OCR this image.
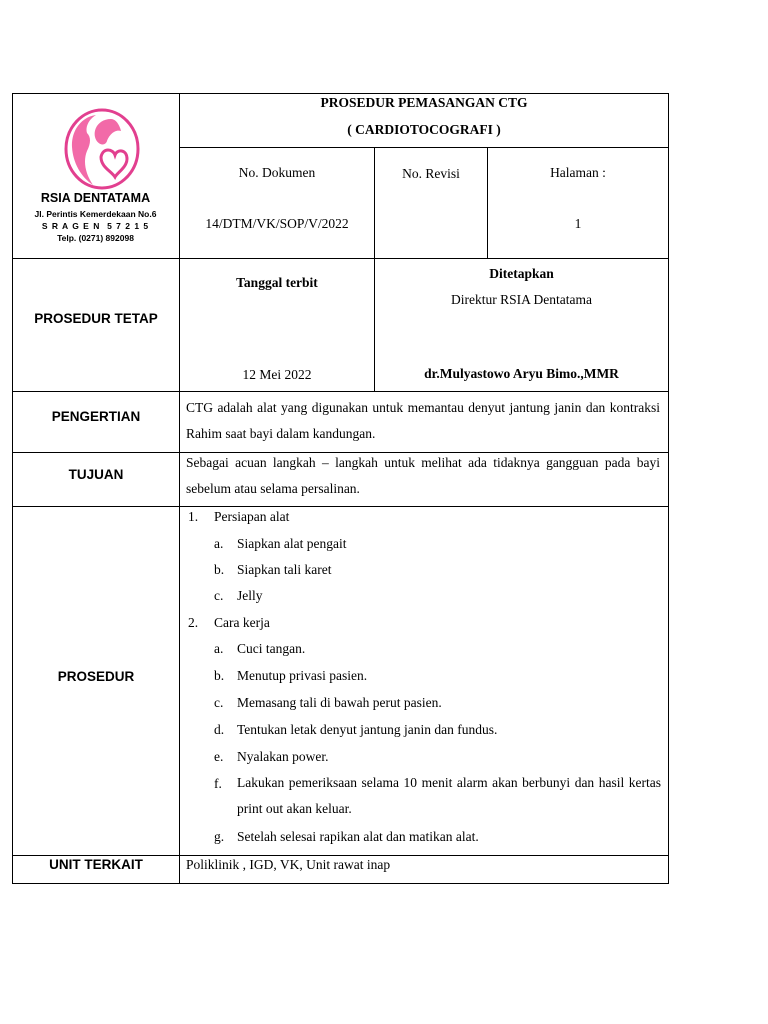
RSIA DENTATAMA
Jl. Perintis Kemerdekaan No.6
S R A G E N  5 7 2 1 5
Telp. (0271) 892098
PROSEDUR PEMASANGAN CTG
( CARDIOTOCOGRAFI )
No. Dokumen
14/DTM/VK/SOP/V/2022
No. Revisi	Halaman :
1
PROSEDUR TETAP
Tanggal terbit
12 Mei 2022
Ditetapkan
Direktur RSIA Dentatama
dr.Mulyastowo Aryu Bimo.,MMR
PENGERTIAN
CTG adalah alat yang digunakan untuk memantau denyut jantung janin dan kontraksi Rahim saat bayi dalam kandungan.
TUJUAN
Sebagai acuan langkah – langkah untuk melihat ada tidaknya gangguan pada bayi sebelum atau selama persalinan.
PROSEDUR
1. Persiapan alat
a. Siapkan alat pengait
b. Siapkan tali karet
c. Jelly
2. Cara kerja
a. Cuci tangan.
b. Menutup privasi pasien.
c. Memasang tali di bawah perut pasien.
d. Tentukan letak denyut jantung janin dan fundus.
e. Nyalakan power.
f. Lakukan pemeriksaan selama 10 menit alarm akan berbunyi dan hasil kertas print out akan keluar.
g. Setelah selesai rapikan alat dan matikan alat.
UNIT TERKAIT	Poliklinik , IGD, VK, Unit rawat inap
